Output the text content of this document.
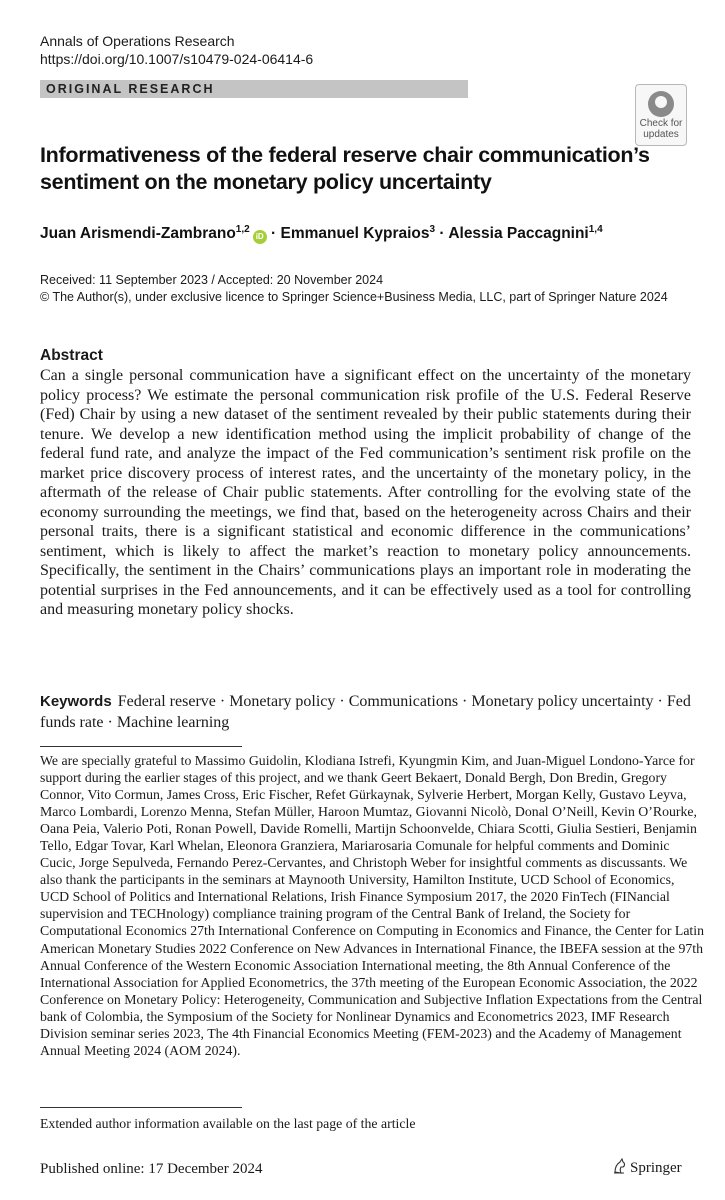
Annals of Operations Research
https://doi.org/10.1007/s10479-024-06414-6
ORIGINAL RESEARCH
Check for updates
Informativeness of the federal reserve chair communication’s sentiment on the monetary policy uncertainty
Juan Arismendi-Zambrano$^{1,2}$iD · Emmanuel Kypraios$^3$ · Alessia Paccagnini$^{1,4}$
Received: 11 September 2023 / Accepted: 20 November 2024
© The Author(s), under exclusive licence to Springer Science+Business Media, LLC, part of Springer Nature 2024
Abstract
Can a single personal communication have a significant effect on the uncertainty of the monetary policy process? We estimate the personal communication risk profile of the U.S. Federal Reserve (Fed) Chair by using a new dataset of the sentiment revealed by their public statements during their tenure. We develop a new identification method using the implicit probability of change of the federal fund rate, and analyze the impact of the Fed communication’s sentiment risk profile on the market price discovery process of interest rates, and the uncertainty of the monetary policy, in the aftermath of the release of Chair public statements. After controlling for the evolving state of the economy surrounding the meetings, we find that, based on the heterogeneity across Chairs and their personal traits, there is a significant statistical and economic difference in the communications’ sentiment, which is likely to affect the market’s reaction to monetary policy announcements. Specifically, the sentiment in the Chairs’ communications plays an important role in moderating the potential surprises in the Fed announcements, and it can be effectively used as a tool for controlling and measuring monetary policy shocks.
Keywords Federal reserve · Monetary policy · Communications · Monetary policy uncertainty · Fed funds rate · Machine learning
We are specially grateful to Massimo Guidolin, Klodiana Istrefi, Kyungmin Kim, and Juan-Miguel Londono-Yarce for support during the earlier stages of this project, and we thank Geert Bekaert, Donald Bergh, Don Bredin, Gregory Connor, Vito Cormun, James Cross, Eric Fischer, Refet Gürkaynak, Sylverie Herbert, Morgan Kelly, Gustavo Leyva, Marco Lombardi, Lorenzo Menna, Stefan Müller, Haroon Mumtaz, Giovanni Nicolò, Donal O’Neill, Kevin O’Rourke, Oana Peia, Valerio Poti, Ronan Powell, Davide Romelli, Martijn Schoonvelde, Chiara Scotti, Giulia Sestieri, Benjamin Tello, Edgar Tovar, Karl Whelan, Eleonora Granziera, Mariarosaria Comunale for helpful comments and Dominic Cucic, Jorge Sepulveda, Fernando Perez-Cervantes, and Christoph Weber for insightful comments as discussants. We also thank the participants in the seminars at Maynooth University, Hamilton Institute, UCD School of Economics, UCD School of Politics and International Relations, Irish Finance Symposium 2017, the 2020 FinTech (FINancial supervision and TECHnology) compliance training program of the Central Bank of Ireland, the Society for Computational Economics 27th International Conference on Computing in Economics and Finance, the Center for Latin American Monetary Studies 2022 Conference on New Advances in International Finance, the IBEFA session at the 97th Annual Conference of the Western Economic Association International meeting, the 8th Annual Conference of the International Association for Applied Econometrics, the 37th meeting of the European Economic Association, the 2022 Conference on Monetary Policy: Heterogeneity, Communication and Subjective Inflation Expectations from the Central bank of Colombia, the Symposium of the Society for Nonlinear Dynamics and Econometrics 2023, IMF Research Division seminar series 2023, The 4th Financial Economics Meeting (FEM-2023) and the Academy of Management Annual Meeting 2024 (AOM 2024).
Extended author information available on the last page of the article
Published online: 17 December 2024	Springer
